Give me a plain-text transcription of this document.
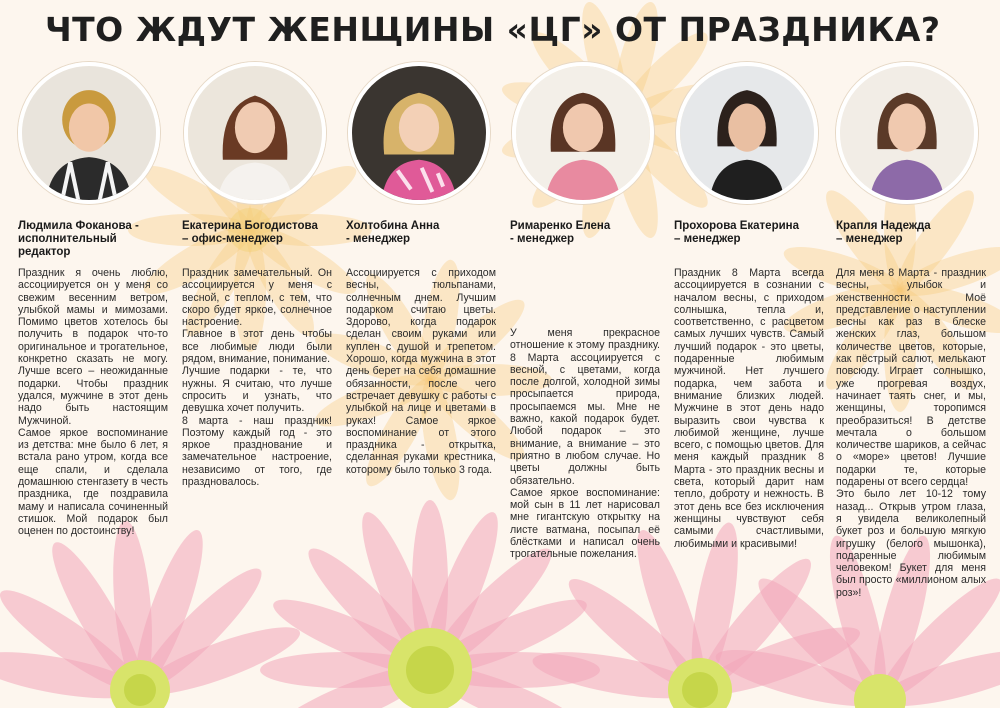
ЧТО ЖДУТ ЖЕНЩИНЫ «ЦГ» ОТ ПРАЗДНИКА?
Людмила Фоканова -
исполнительный редактор

Праздник я очень люблю, ассоциируется он у меня со свежим весенним ветром, улыбкой мамы и мимозами. Помимо цветов хотелось бы получить в подарок что-то оригинальное и трогательное, конкретно сказать не могу. Лучше всего – неожиданные подарки. Чтобы праздник удался, мужчине в этот день надо быть настоящим Мужчиной.

Самое яркое воспоминание из детства: мне было 6 лет, я встала рано утром, когда все еще спали, и сделала домашнюю стенгазету в честь праздника, где поздравила маму и написала сочиненный стишок. Мой подарок был оценен по достоинству!

Екатерина Богодистова
– офис-менеджер

Праздник замечательный. Он ассоциируется у меня с весной, с теплом, с тем, что скоро будет яркое, солнечное настроение.

Главное в этот день чтобы все любимые люди были рядом, внимание, понимание.

Лучшие подарки - те, что нужны. Я считаю, что лучше спросить и узнать, что девушка хочет получить.

8 марта - наш праздник! Поэтому каждый год - это яркое празднование и замечательное настроение, независимо от того, где праздновалось.

Холтобина Анна
- менеджер

Ассоциируется с приходом весны, тюльпанами, солнечным днем. Лучшим подарком считаю цветы. Здорово, когда подарок сделан своим руками или куплен с душой и трепетом. Хорошо, когда мужчина в этот день берет на себя домашние обязанности, после чего встречает девушку с работы с улыбкой на лице и цветами в руках! Самое яркое воспоминание от этого праздника - открытка, сделанная руками крестника, которому было только 3 года.

Римаренко Елена
- менеджер

У меня прекрасное отношение к этому празднику. 8 Марта ассоциируется с весной, с цветами, когда после долгой, холодной зимы просыпается природа, просыпаемся мы. Мне не важно, какой подарок будет. Любой подарок – это внимание, а внимание – это приятно в любом случае. Но цветы должны быть обязательно.

Самое яркое воспоминание: мой сын в 11 лет нарисовал мне гигантскую открытку на листе ватмана, посыпал её блёстками и написал очень трогательные пожелания.

Прохорова Екатерина
– менеджер

Праздник 8 Марта всегда ассоциируется в сознании с началом весны, с приходом солнышка, тепла и, соответственно, с расцветом самых лучших чувств. Самый лучший подарок - это цветы, подаренные любимым мужчиной. Нет лучшего подарка, чем забота и внимание близких людей. Мужчине в этот день надо выразить свои чувства к любимой женщине, лучше всего, с помощью цветов. Для меня каждый праздник 8 Марта - это праздник весны и света, который дарит нам тепло, доброту и нежность. В этот день все без исключения женщины чувствуют себя самыми счастливыми, любимыми и красивыми!

Крапля Надежда
– менеджер

Для меня 8 Марта - праздник весны, улыбок и женственности. Моё представление о наступлении весны как раз в блеске женских глаз, большом количестве цветов, которые, как пёстрый салют, мелькают повсюду. Играет солнышко, уже прогревая воздух, начинает таять снег, и мы, женщины, торопимся преобразиться! В детстве мечтала о большом количестве шариков, а сейчас о «море» цветов! Лучшие подарки те, которые подарены от всего сердца!

Это было лет 10-12 тому назад... Открыв утром глаза, я увидела великолепный букет роз и большую мягкую игрушку (белого мышонка), подаренные любимым человеком! Букет для меня был просто «миллионом алых роз»!
